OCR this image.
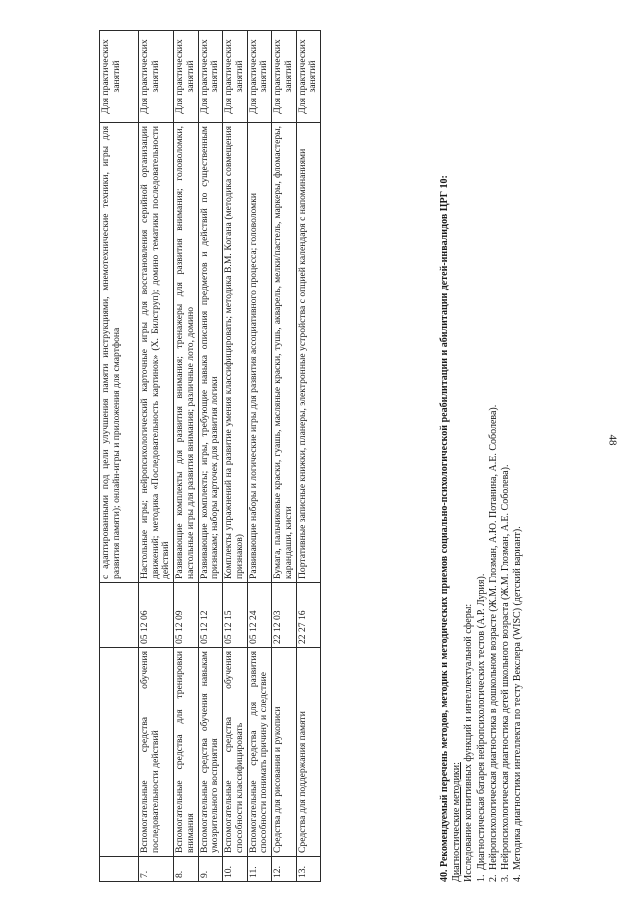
48
			с адаптированными под цели улучшения памяти инструкциями, мнемотехнические техники, игры для развития памяти); онлайн-игры и приложения для смартфона	Для практических занятий
7.	Вспомогательные средства обучения последовательности действий	05 12 06	Настольные игры; нейропсихологический карточные игры для восстановления серийной организации движений; методика «Последовательность картинок» (Х. Билструп); домино тематики последовательности действий	Для практических занятий
8.	Вспомогательные средства для тренировки внимания	05 12 09	Развивающие комплекты для развития внимания; тренажеры для развития внимания; головоломки, настольные игры для развития внимания; различные лото, домино	Для практических занятий
9.	Вспомогательные средства обучения навыкам умозрительного восприятия	05 12 12	Развивающие комплекты; игры, требующие навыка описания предметов и действий по существенным признакам; наборы карточек для развития логики	Для практических занятий
10.	Вспомогательные средства обучения способности классифицировать	05 12 15	Комплекты упражнений на развитие умения классифицировать; методика В.М. Когана (методика совмещения признаков)	Для практических занятий
11.	Вспомогательные средства для развития способности понимать причину и следствие	05 12 24	Развивающие наборы и логические игры для развития ассоциативного процесса; головоломки	Для практических занятий
12.	Средства для рисования и рукописи	22 12 03	Бумага, пальчиковые краски, гуашь, масляные краски, тушь, акварель, мелки/пастель, маркеры, фломастеры, карандаши, кисти	Для практических занятий
13.	Средства для поддержания памяти	22 27 16	Портативные записные книжки, планеры, электронные устройства с опцией календаря с напоминаниями	Для практических занятий
40. Рекомендуемый перечень методов, методик и методических приемов социально-психологической реабилитации и абилитации детей-инвалидов ЦРГ 10: Диагностические методики: Исследование когнитивных функций и интеллектуальной сферы: 1.
Диагностическая батарея нейропсихологических тестов (А.Р. Лурия).
2.
Нейропсихологическая диагностика в дошкольном возрасте (Ж.М. Глозман, А.Ю. Потанина, А.Е. Соболева).
3.
Нейропсихологическая диагностика детей школьного возраста (Ж.М. Глозман, А.Е. Соболева).
4.
Методика диагностики интеллекта по тесту Векслера (WISC) (детский вариант).
